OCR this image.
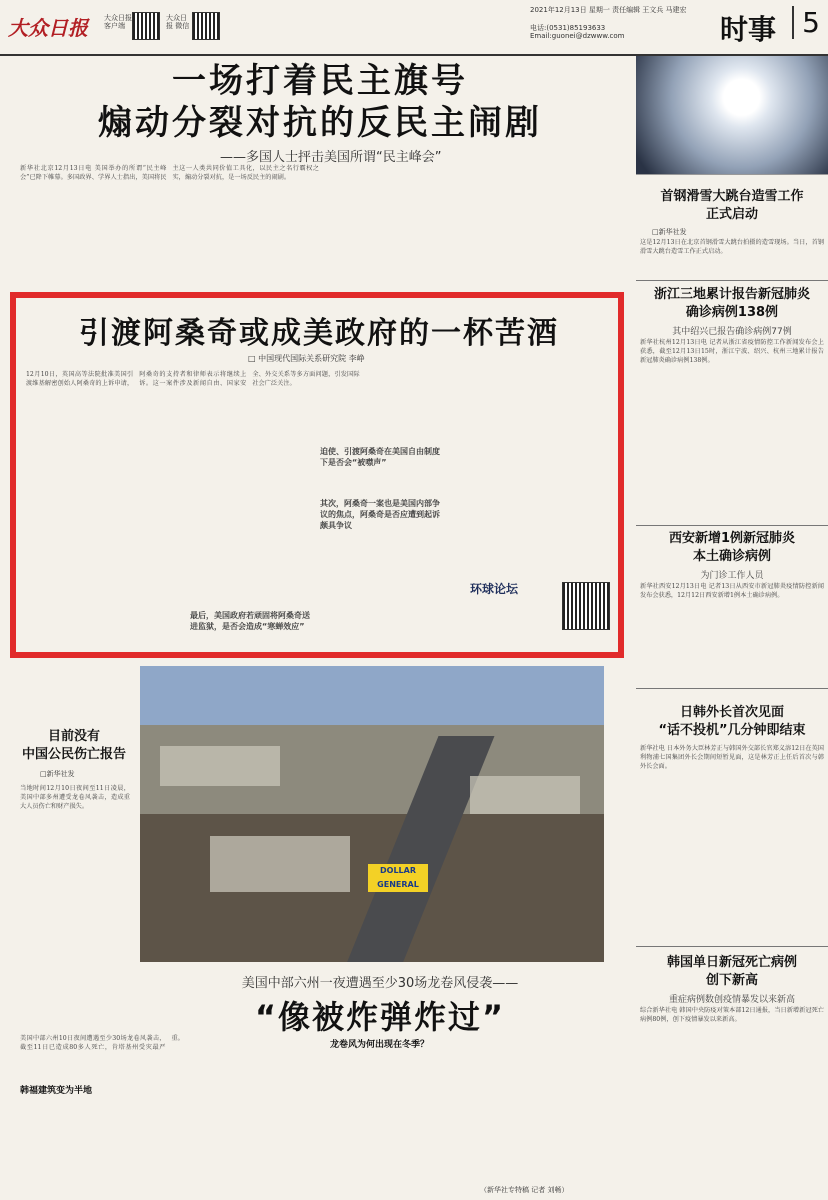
大众日报 大众日报 客户端
大众日报 微信
2021年12月13日 星期一 责任编辑 王文兵 马建宏
电话:(0531)85193633 Email:guonei@dzwww.com	时事 5
一场打着民主旗号
煽动分裂对抗的反民主闹剧
——多国人士抨击美国所谓“民主峰会”
新华社北京12月13日电 美国举办的所谓“民主峰会”已降下帷幕。多国政界、学界人士指出，美国将民主这一人类共同价值工具化，以民主之名行霸权之实，煽动分裂对抗，是一场反民主的闹剧。
首钢滑雪大跳台造雪工作
正式启动
□新华社发
这是12月13日在北京首钢滑雪大跳台拍摄的造雪现场。当日，首钢滑雪大跳台造雪工作正式启动。
浙江三地累计报告新冠肺炎
确诊病例138例
其中绍兴已报告确诊病例77例
新华社杭州12月13日电 记者从浙江省疫情防控工作新闻发布会上获悉，截至12月13日15时，浙江宁波、绍兴、杭州三地累计报告新冠肺炎确诊病例138例。
西安新增1例新冠肺炎
本土确诊病例
为门诊工作人员
新华社西安12月13日电 记者13日从西安市新冠肺炎疫情防控新闻发布会获悉，12月12日西安新增1例本土确诊病例。
日韩外长首次见面
“话不投机”几分钟即结束
新华社电 日本外务大臣林芳正与韩国外交部长官郑义溶12日在英国利物浦七国集团外长会期间短暂见面，这是林芳正上任后首次与韩外长会面。
韩国单日新冠死亡病例
创下新高
重症病例数创疫情暴发以来新高
综合新华社电 韩国中央防疫对策本部12日通报，当日新增新冠死亡病例80例，创下疫情暴发以来新高。
引渡阿桑奇或成美政府的一杯苦酒
□ 中国现代国际关系研究院 李峥
12月10日，英国高等法院批准美国引渡维基解密创始人阿桑奇的上诉申请，阿桑奇的支持者和律师表示将继续上诉。这一案件涉及新闻自由、国家安全、外交关系等多方面问题，引发国际社会广泛关注。
迫使、引渡阿桑奇在美国自由制度下是否会“被噤声”
其次，阿桑奇一案也是美国内部争议的焦点，阿桑奇是否应遭到起诉颇具争议
最后，美国政府若顽固将阿桑奇送进监狱，是否会造成“寒蝉效应”
环球论坛
目前没有
中国公民伤亡报告
□新华社发
当地时间12月10日夜间至11日凌晨，美国中部多州遭受龙卷风袭击，造成重大人员伤亡和财产损失。
DOLLAR GENERAL
美国中部六州一夜遭遇至少30场龙卷风侵袭——
“像被炸弹炸过”
美国中部六州10日夜间遭遇至少30场龙卷风袭击，截至11日已造成80多人死亡，肯塔基州受灾最严重。
韩福建筑变为半地
龙卷风为何出现在冬季？
（新华社专特稿 记者 刘畅）
